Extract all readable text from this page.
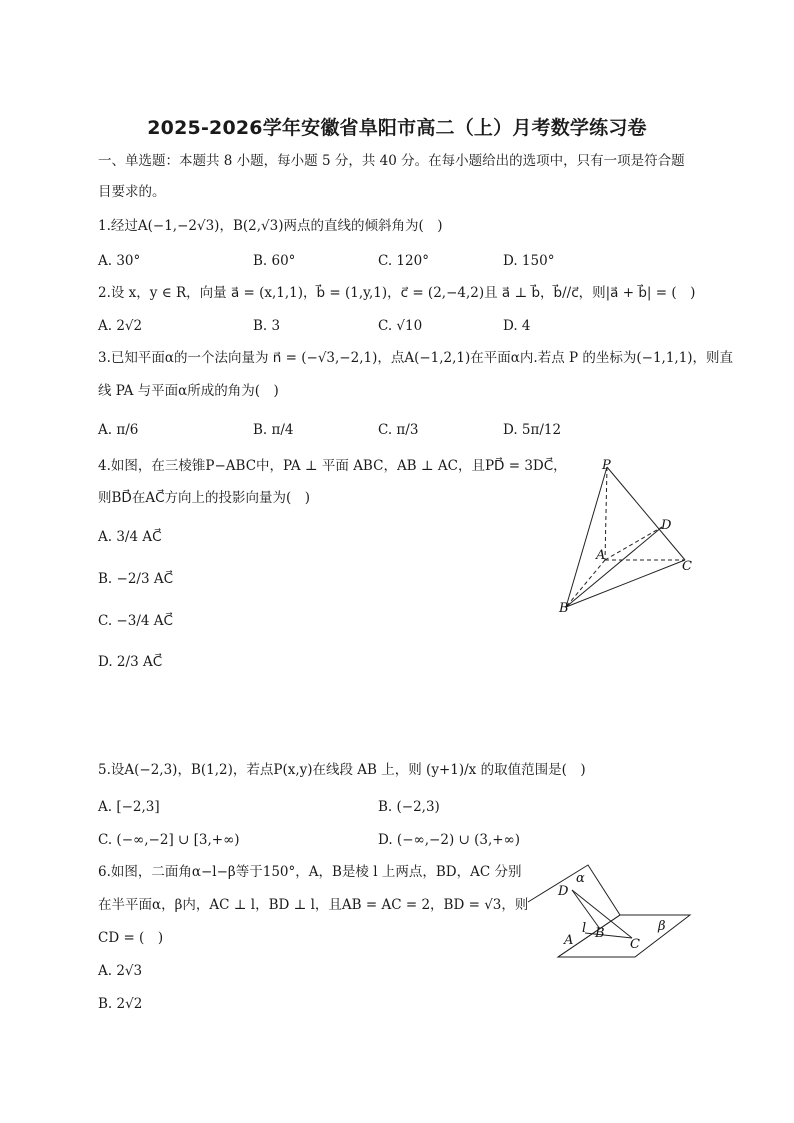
2025-2026学年安徽省阜阳市高二（上）月考数学练习卷
一、单选题：本题共 8 小题，每小题 5 分，共 40 分。在每小题给出的选项中，只有一项是符合题
目要求的。
1.经过A(−1,−2√3)，B(2,√3)两点的直线的倾斜角为(　)
A. 30°	B. 60°	C. 120°	D. 150°
2.设 x，y ∈ R，向量 a⃗ = (x,1,1)，b⃗ = (1,y,1)，c⃗ = (2,−4,2)且 a⃗ ⊥ b⃗，b⃗//c⃗，则|a⃗ + b⃗| = (　)
A. 2√2	B. 3	C. √10	D. 4
3.已知平面α的一个法向量为 n⃗ = (−√3,−2,1)，点A(−1,2,1)在平面α内.若点 P 的坐标为(−1,1,1)，则直
线 PA 与平面α所成的角为(　)
A. π/6	B. π/4	C. π/3	D. 5π/12
4.如图，在三棱锥P−ABC中，PA ⊥ 平面 ABC，AB ⊥ AC，且PD⃗ = 3DC⃗，
则BD⃗在AC⃗方向上的投影向量为(　)
A. 3/4 AC⃗
B. −2/3 AC⃗
C. −3/4 AC⃗
D. 2/3 AC⃗
P
D
A
C
B
5.设A(−2,3)，B(1,2)，若点P(x,y)在线段 AB 上，则 (y+1)/x 的取值范围是(　)
A. [−2,3]	B. (−2,3)
C. (−∞,−2] ∪ [3,+∞)	D. (−∞,−2) ∪ (3,+∞)
6.如图，二面角α−l−β等于150°，A，B是棱 l 上两点，BD，AC 分别
在半平面α，β内，AC ⊥ l，BD ⊥ l，且AB = AC = 2，BD = √3，则
CD = (　)
A. 2√3
B. 2√2
α
D
l B
A	C
β
